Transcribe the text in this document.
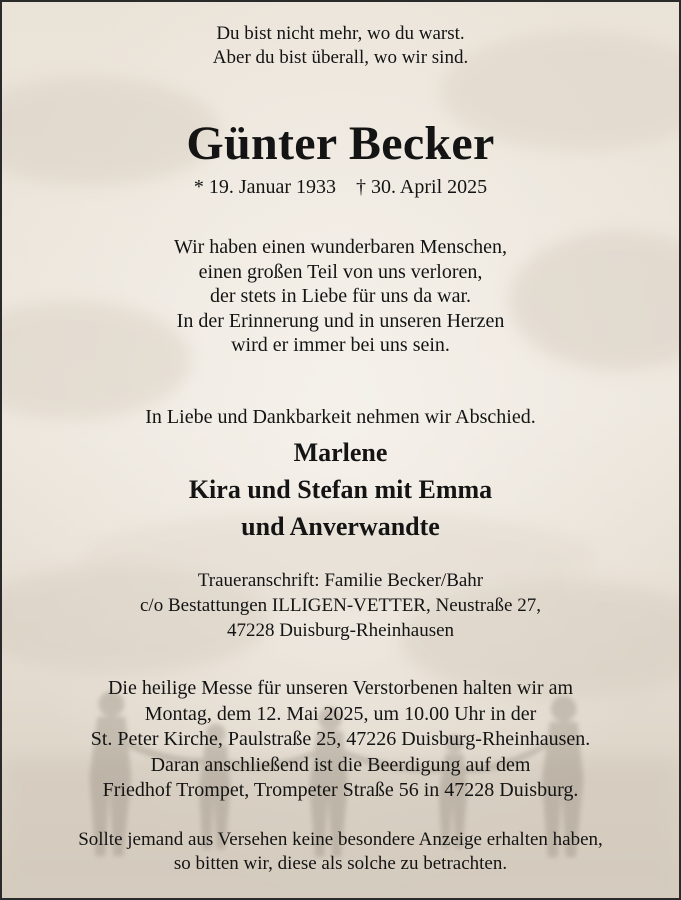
Du bist nicht mehr, wo du warst.

Aber du bist überall, wo wir sind.

Günter Becker
* 19. Januar 1933 † 30. April 2025

Wir haben einen wunderbaren Menschen,

einen großen Teil von uns verloren,

der stets in Liebe für uns da war.

In der Erinnerung und in unseren Herzen

wird er immer bei uns sein.

In Liebe und Dankbarkeit nehmen wir Abschied.

Marlene

Kira und Stefan mit Emma

und Anverwandte

Traueranschrift: Familie Becker/Bahr

c/o Bestattungen ILLIGEN-VETTER, Neustraße 27,

47228 Duisburg-Rheinhausen

Die heilige Messe für unseren Verstorbenen halten wir am

Montag, dem 12. Mai 2025, um 10.00 Uhr in der

St. Peter Kirche, Paulstraße 25, 47226 Duisburg-Rheinhausen.

Daran anschließend ist die Beerdigung auf dem

Friedhof Trompet, Trompeter Straße 56 in 47228 Duisburg.

Sollte jemand aus Versehen keine besondere Anzeige erhalten haben,

so bitten wir, diese als solche zu betrachten.
